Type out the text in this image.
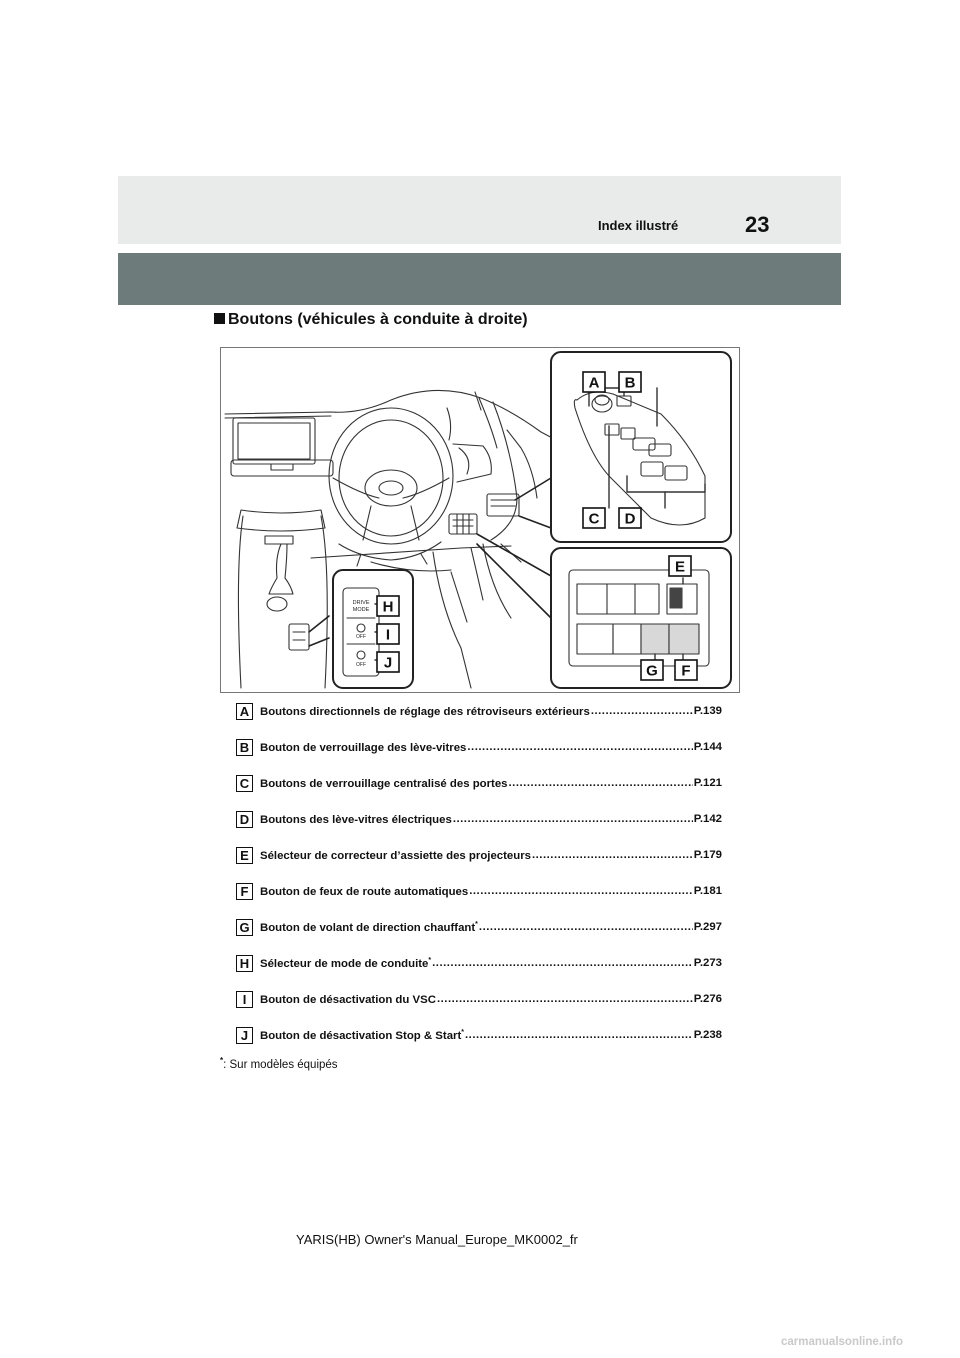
Index illustré	23
Boutons (véhicules à conduite à droite)
DRIVE
MODE
OFF
OFF
A B
C D
E
F
G
H
I
J
A Boutons directionnels de réglage des rétroviseurs extérieurs .....	P.139
B Bouton de verrouillage des lève-vitres .....	P.144
C Boutons de verrouillage centralisé des portes .....	P.121
D Boutons des lève-vitres électriques .....	P.142
E Sélecteur de correcteur d’assiette des projecteurs .....	P.179
F	Bouton de feux de route automatiques .....	P.181
G Bouton de volant de direction chauffant* .....	P.297
H Sélecteur de mode de conduite* .....	P.273
I	Bouton de désactivation du VSC .....	P.276
J	Bouton de désactivation Stop & Start* .....	P.238
*: Sur modèles équipés
YARIS(HB) Owner's Manual_Europe_MK0002_fr
carmanualsonline.info
